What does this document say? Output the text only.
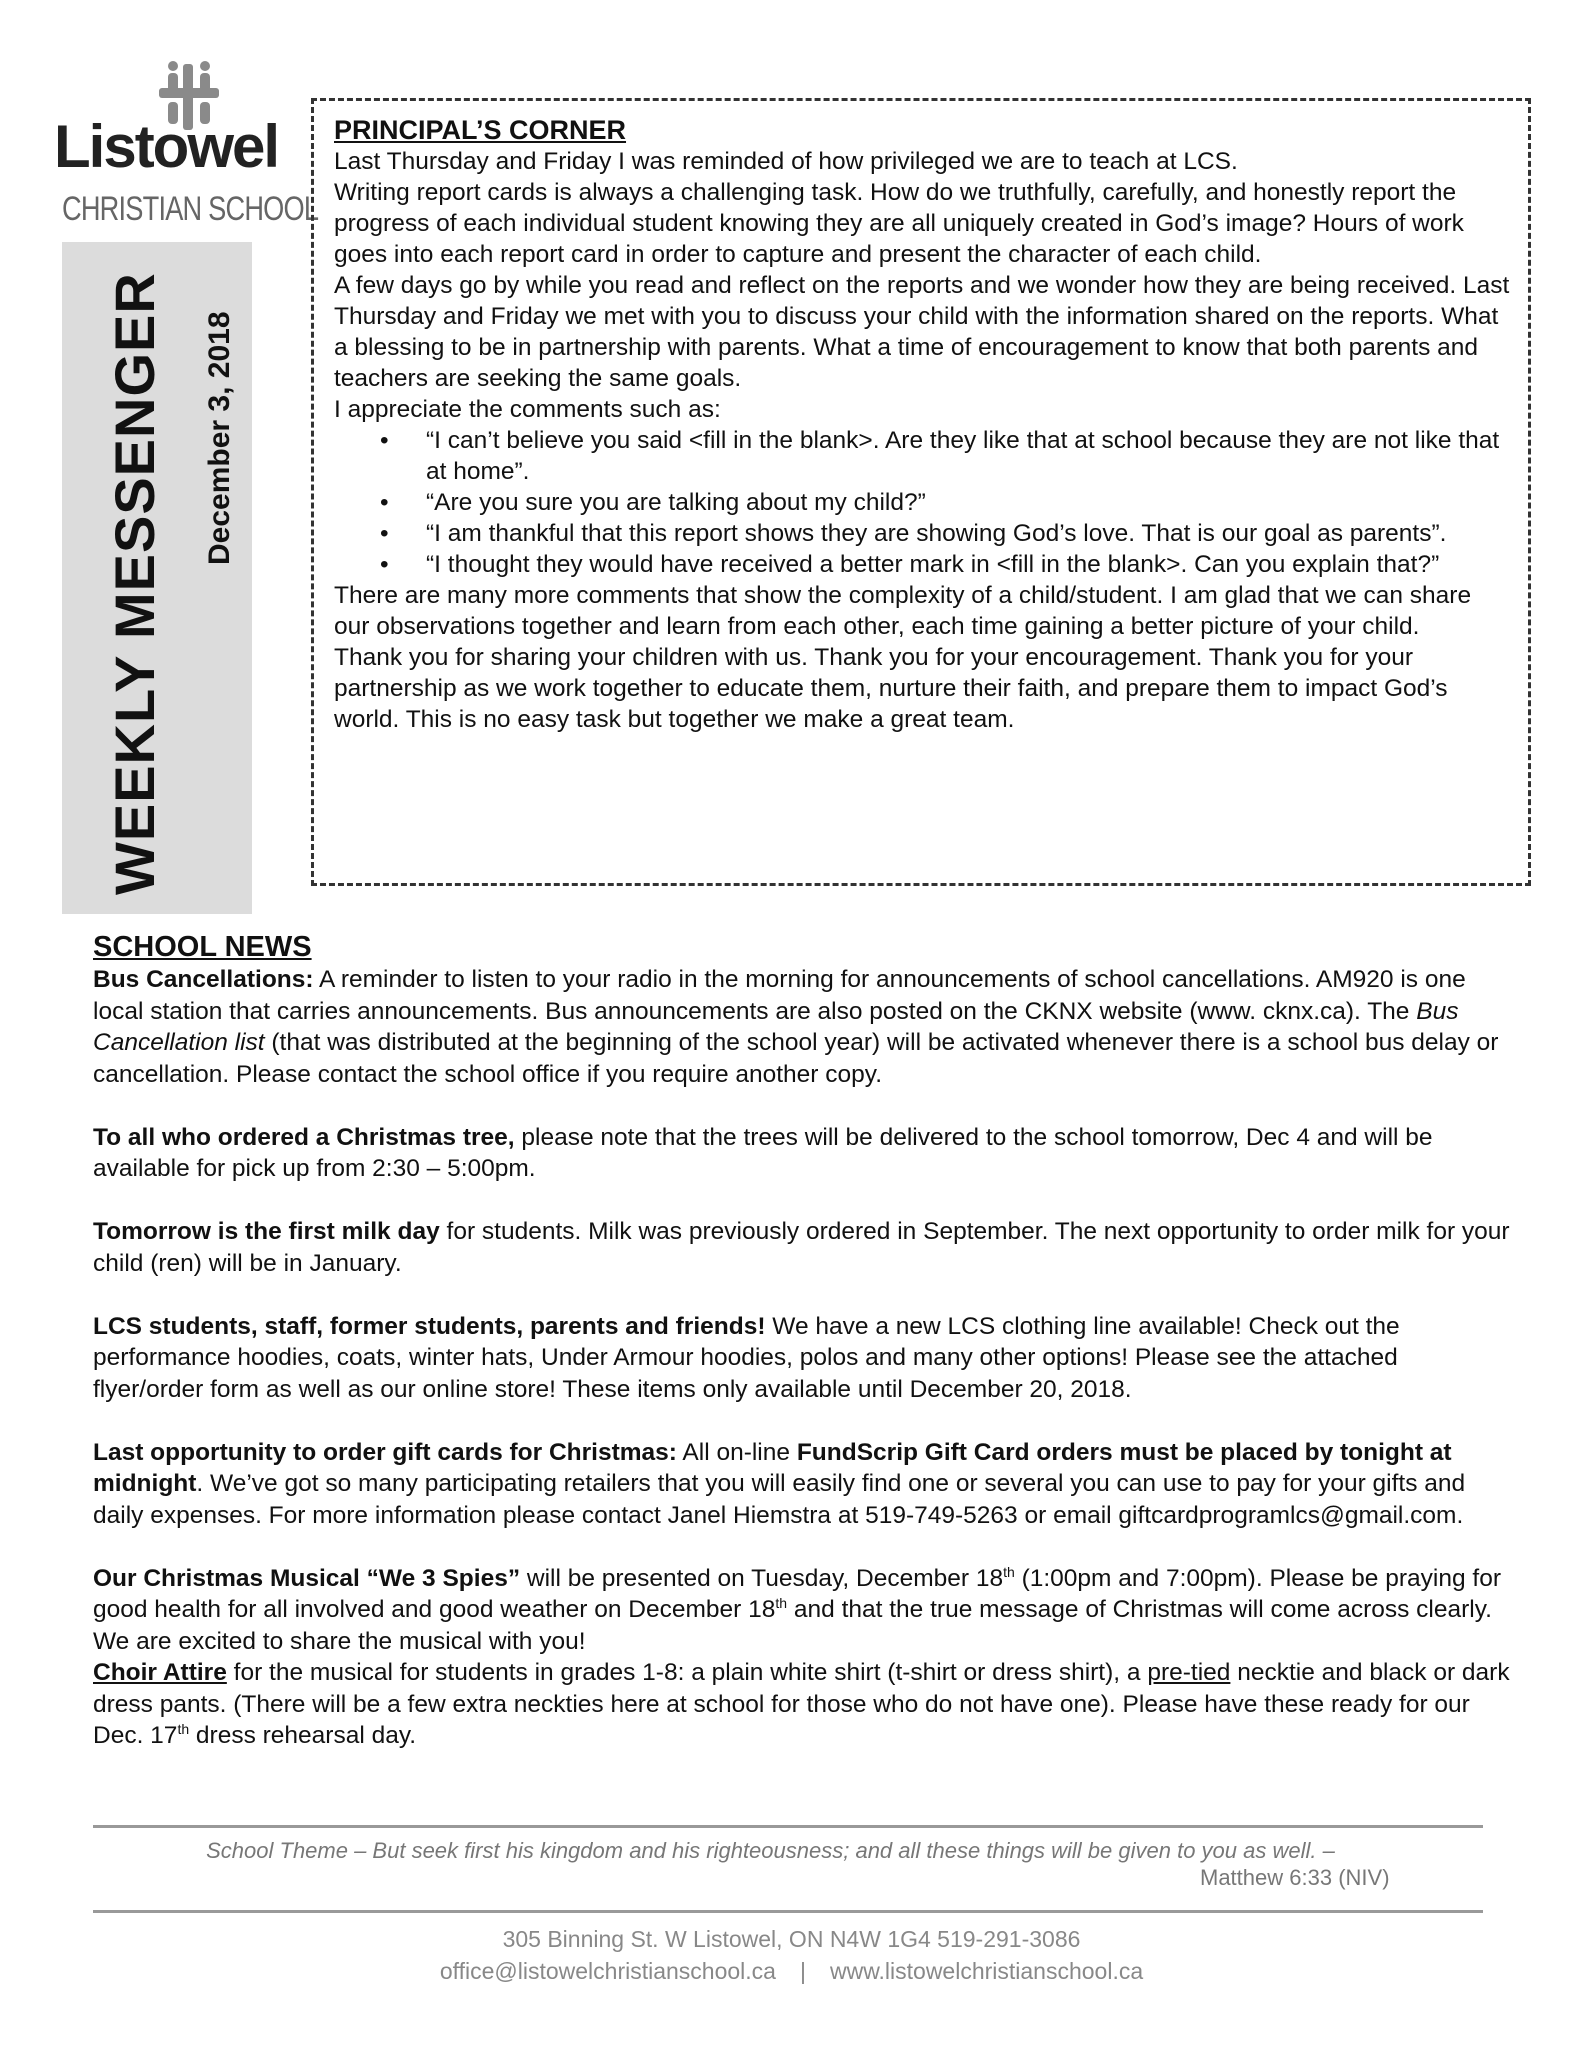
Listowel
CHRISTIAN SCHOOL
WEEKLY MESSENGER December 3, 2018
PRINCIPAL’S CORNER

Last Thursday and Friday I was reminded of how privileged we are to teach at LCS.

Writing report cards is always a challenging task. How do we truthfully, carefully, and honestly report the progress of each individual student knowing they are all uniquely created in God’s image? Hours of work goes into each report card in order to capture and present the character of each child.

A few days go by while you read and reflect on the reports and we wonder how they are being received. Last Thursday and Friday we met with you to discuss your child with the information shared on the reports. What a blessing to be in partnership with parents. What a time of encouragement to know that both parents and teachers are seeking the same goals.

I appreciate the comments such as:

• “I can’t believe you said <fill in the blank>. Are they like that at school because they are not like that at home”.
• “Are you sure you are talking about my child?”
• “I am thankful that this report shows they are showing God’s love. That is our goal as parents”.
• “I thought they would have received a better mark in <fill in the blank>. Can you explain that?”

There are many more comments that show the complexity of a child/student. I am glad that we can share our observations together and learn from each other, each time gaining a better picture of your child.

Thank you for sharing your children with us. Thank you for your encouragement. Thank you for your partnership as we work together to educate them, nurture their faith, and prepare them to impact God’s world. This is no easy task but together we make a great team.

SCHOOL NEWS

Bus Cancellations: A reminder to listen to your radio in the morning for announcements of school cancellations. AM920 is one local station that carries announcements. Bus announcements are also posted on the CKNX website (www. cknx.ca). The Bus Cancellation list (that was distributed at the beginning of the school year) will be activated whenever there is a school bus delay or cancellation. Please contact the school office if you require another copy.

To all who ordered a Christmas tree, please note that the trees will be delivered to the school tomorrow, Dec 4 and will be available for pick up from 2:30 – 5:00pm.

Tomorrow is the first milk day for students. Milk was previously ordered in September. The next opportunity to order milk for your child (ren) will be in January.

LCS students, staff, former students, parents and friends! We have a new LCS clothing line available! Check out the performance hoodies, coats, winter hats, Under Armour hoodies, polos and many other options! Please see the attached flyer/order form as well as our online store! These items only available until December 20, 2018.

Last opportunity to order gift cards for Christmas: All on-line FundScrip Gift Card orders must be placed by tonight at midnight. We’ve got so many participating retailers that you will easily find one or several you can use to pay for your gifts and daily expenses. For more information please contact Janel Hiemstra at 519-749-5263 or email giftcardprogramlcs@gmail.com.

Our Christmas Musical “We 3 Spies” will be presented on Tuesday, December 18th (1:00pm and 7:00pm). Please be praying for good health for all involved and good weather on December 18th and that the true message of Christmas will come across clearly. We are excited to share the musical with you!

Choir Attire for the musical for students in grades 1-8: a plain white shirt (t-shirt or dress shirt), a pre-tied necktie and black or dark dress pants. (There will be a few extra neckties here at school for those who do not have one). Please have these ready for our Dec. 17th dress rehearsal day.

School Theme – But seek first his kingdom and his righteousness; and all these things will be given to you as well. –
Matthew 6:33 (NIV)
305 Binning St. W Listowel, ON N4W 1G4 519-291-3086
office@listowelchristianschool.ca | www.listowelchristianschool.ca
